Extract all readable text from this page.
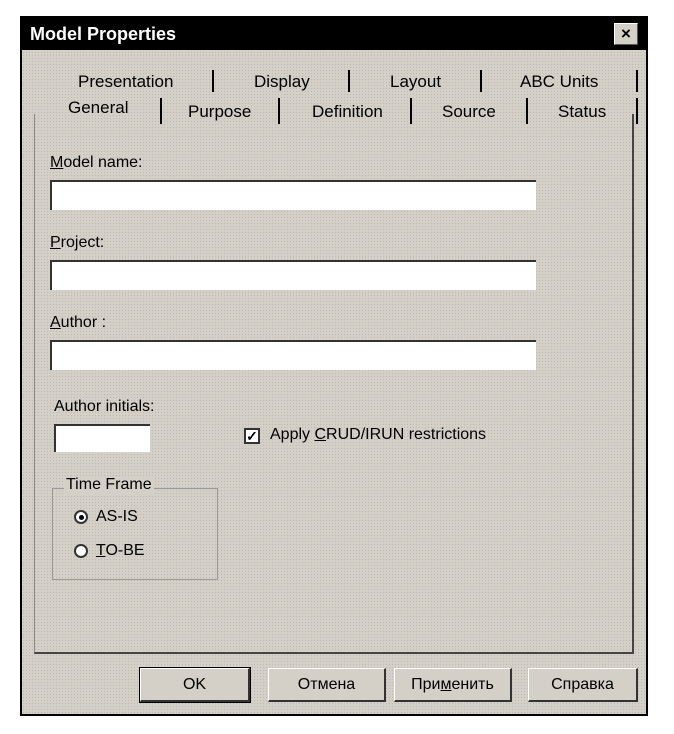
Model Properties	×
Presentation	Display	Layout	ABC Units
General	Purpose	Definition	Source	Status
Model name:
Project:
Author :
Author initials:
✓ Apply CRUD/IRUN restrictions
Time Frame
AS-IS
TO-BE
OK	Отмена	Применить	Справка
